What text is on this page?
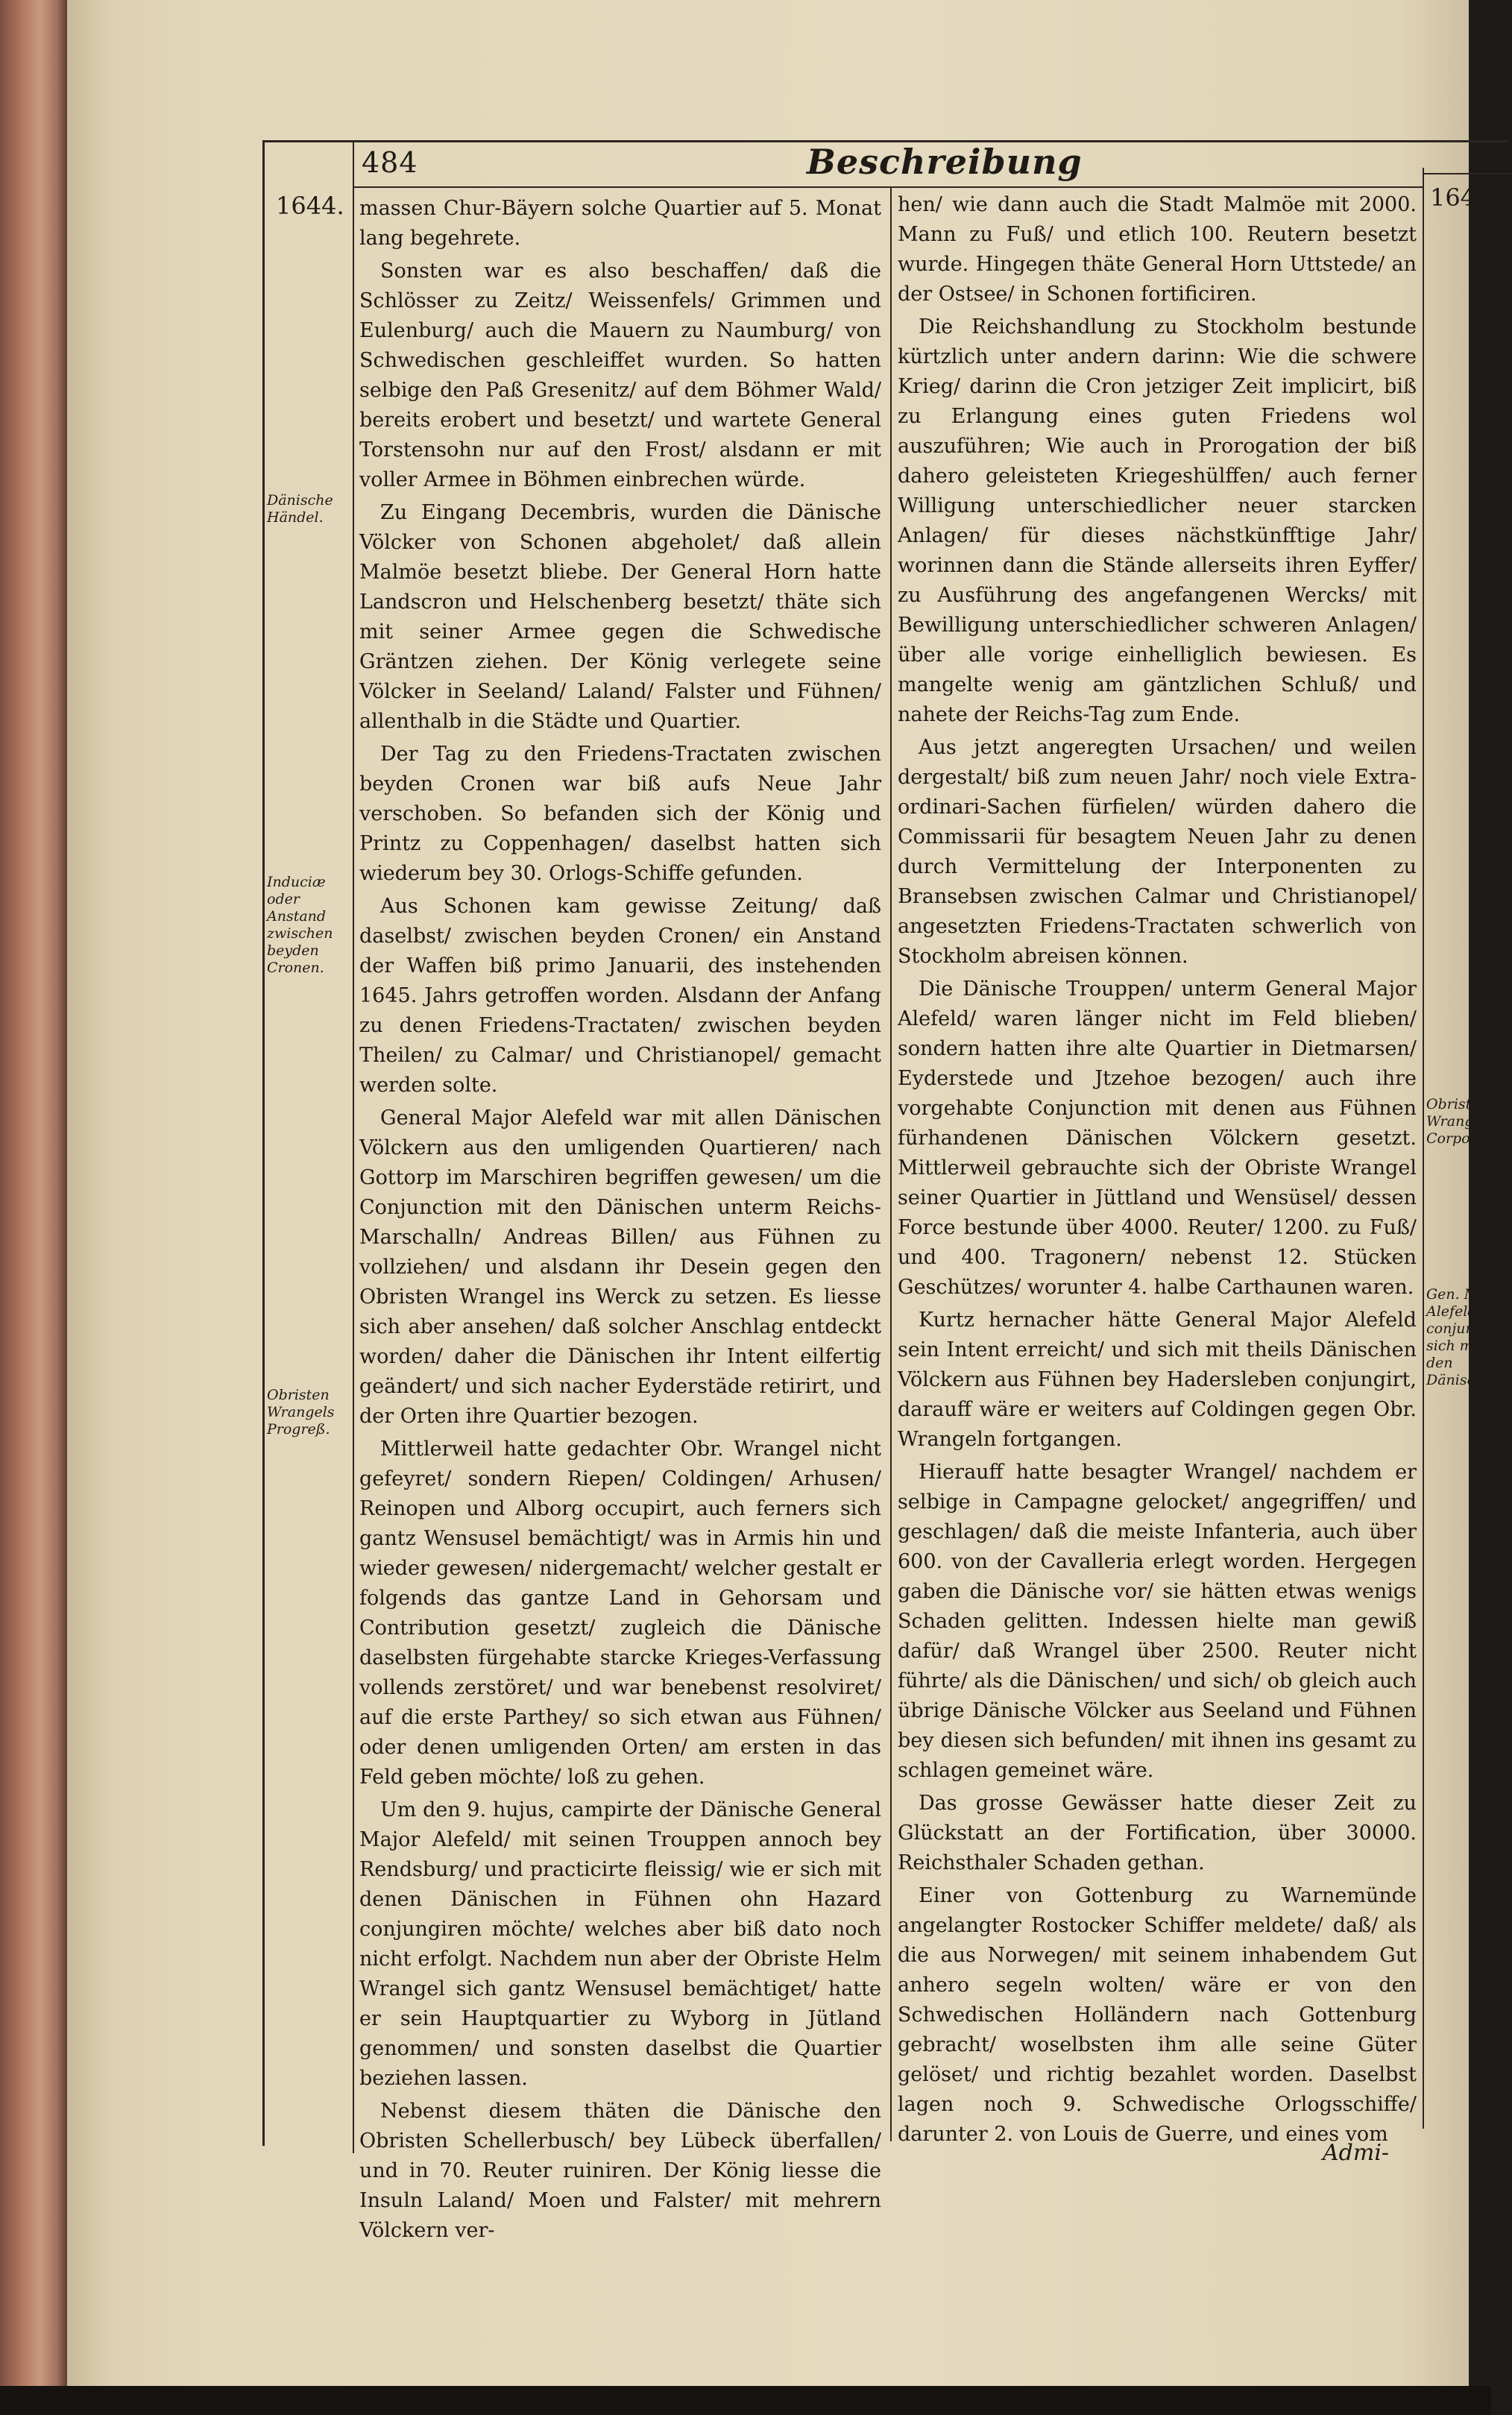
484	Beschreibung
1644.	1644.
Dänische Händel.
Induciæ oder Anstand zwischen beyden Cronen.
Obristen Wrangels Progreß.
Obristen Wrangels Corpo.
Gen. Major Alefeld conjungiret sich mit den Dänischen.

massen Chur-Bäyern solche Quartier auf 5. Monat lang begehrete.

Sonsten war es also beschaffen/ daß die Schlösser zu Zeitz/ Weissenfels/ Grimmen und Eulenburg/ auch die Mauern zu Naumburg/ von Schwedischen geschleiffet wurden. So hatten selbige den Paß Gresenitz/ auf dem Böhmer Wald/ bereits erobert und besetzt/ und wartete General Torstensohn nur auf den Frost/ alsdann er mit voller Armee in Böhmen einbrechen würde.

Zu Eingang Decembris, wurden die Dänische Völcker von Schonen abgeholet/ daß allein Malmöe besetzt bliebe. Der General Horn hatte Landscron und Helschenberg besetzt/ thäte sich mit seiner Armee gegen die Schwedische Gräntzen ziehen. Der König verlegete seine Völcker in Seeland/ Laland/ Falster und Fühnen/ allenthalb in die Städte und Quartier.

Der Tag zu den Friedens-Tractaten zwischen beyden Cronen war biß aufs Neue Jahr verschoben. So befanden sich der König und Printz zu Coppenhagen/ daselbst hatten sich wiederum bey 30. Orlogs-Schiffe gefunden.

Aus Schonen kam gewisse Zeitung/ daß daselbst/ zwischen beyden Cronen/ ein Anstand der Waffen biß primo Januarii, des instehenden 1645. Jahrs getroffen worden. Alsdann der Anfang zu denen Friedens-Tractaten/ zwischen beyden Theilen/ zu Calmar/ und Christianopel/ gemacht werden solte.

General Major Alefeld war mit allen Dänischen Völckern aus den umligenden Quartieren/ nach Gottorp im Marschiren begriffen gewesen/ um die Conjunction mit den Dänischen unterm Reichs-Marschalln/ Andreas Billen/ aus Fühnen zu vollziehen/ und alsdann ihr Desein gegen den Obristen Wrangel ins Werck zu setzen. Es liesse sich aber ansehen/ daß solcher Anschlag entdeckt worden/ daher die Dänischen ihr Intent eilfertig geändert/ und sich nacher Eyderstäde retirirt, und der Orten ihre Quartier bezogen.

Mittlerweil hatte gedachter Obr. Wrangel nicht gefeyret/ sondern Riepen/ Coldingen/ Arhusen/ Reinopen und Alborg occupirt, auch ferners sich gantz Wensusel bemächtigt/ was in Armis hin und wieder gewesen/ nidergemacht/ welcher gestalt er folgends das gantze Land in Gehorsam und Contribution gesetzt/ zugleich die Dänische daselbsten fürgehabte starcke Krieges-Verfassung vollends zerstöret/ und war benebenst resolviret/ auf die erste Parthey/ so sich etwan aus Fühnen/ oder denen umligenden Orten/ am ersten in das Feld geben möchte/ loß zu gehen.

Um den 9. hujus, campirte der Dänische General Major Alefeld/ mit seinen Trouppen annoch bey Rendsburg/ und practicirte fleissig/ wie er sich mit denen Dänischen in Fühnen ohn Hazard conjungiren möchte/ welches aber biß dato noch nicht erfolgt. Nachdem nun aber der Obriste Helm Wrangel sich gantz Wensusel bemächtiget/ hatte er sein Hauptquartier zu Wyborg in Jütland genommen/ und sonsten daselbst die Quartier beziehen lassen.

Nebenst diesem thäten die Dänische den Obristen Schellerbusch/ bey Lübeck überfallen/ und in 70. Reuter ruiniren. Der König liesse die Insuln Laland/ Moen und Falster/ mit mehrern Völckern ver-

hen/ wie dann auch die Stadt Malmöe mit 2000. Mann zu Fuß/ und etlich 100. Reutern besetzt wurde. Hingegen thäte General Horn Uttstede/ an der Ostsee/ in Schonen fortificiren.

Die Reichshandlung zu Stockholm bestunde kürtzlich unter andern darinn: Wie die schwere Krieg/ darinn die Cron jetziger Zeit implicirt, biß zu Erlangung eines guten Friedens wol auszuführen; Wie auch in Prorogation der biß dahero geleisteten Kriegeshülffen/ auch ferner Willigung unterschiedlicher neuer starcken Anlagen/ für dieses nächstkünfftige Jahr/ worinnen dann die Stände allerseits ihren Eyffer/ zu Ausführung des angefangenen Wercks/ mit Bewilligung unterschiedlicher schweren Anlagen/ über alle vorige einhelliglich bewiesen. Es mangelte wenig am gäntzlichen Schluß/ und nahete der Reichs-Tag zum Ende.

Aus jetzt angeregten Ursachen/ und weilen dergestalt/ biß zum neuen Jahr/ noch viele Extra-ordinari-Sachen fürfielen/ würden dahero die Commissarii für besagtem Neuen Jahr zu denen durch Vermittelung der Interponenten zu Bransebsen zwischen Calmar und Christianopel/ angesetzten Friedens-Tractaten schwerlich von Stockholm abreisen können.

Die Dänische Trouppen/ unterm General Major Alefeld/ waren länger nicht im Feld blieben/ sondern hatten ihre alte Quartier in Dietmarsen/ Eyderstede und Jtzehoe bezogen/ auch ihre vorgehabte Conjunction mit denen aus Fühnen fürhandenen Dänischen Völckern gesetzt. Mittlerweil gebrauchte sich der Obriste Wrangel seiner Quartier in Jüttland und Wensüsel/ dessen Force bestunde über 4000. Reuter/ 1200. zu Fuß/ und 400. Tragonern/ nebenst 12. Stücken Geschützes/ worunter 4. halbe Carthaunen waren.

Kurtz hernacher hätte General Major Alefeld sein Intent erreicht/ und sich mit theils Dänischen Völckern aus Fühnen bey Hadersleben conjungirt, darauff wäre er weiters auf Coldingen gegen Obr. Wrangeln fortgangen.

Hierauff hatte besagter Wrangel/ nachdem er selbige in Campagne gelocket/ angegriffen/ und geschlagen/ daß die meiste Infanteria, auch über 600. von der Cavalleria erlegt worden. Hergegen gaben die Dänische vor/ sie hätten etwas wenigs Schaden gelitten. Indessen hielte man gewiß dafür/ daß Wrangel über 2500. Reuter nicht führte/ als die Dänischen/ und sich/ ob gleich auch übrige Dänische Völcker aus Seeland und Fühnen bey diesen sich befunden/ mit ihnen ins gesamt zu schlagen gemeinet wäre.

Das grosse Gewässer hatte dieser Zeit zu Glückstatt an der Fortification, über 30000. Reichsthaler Schaden gethan.

Einer von Gottenburg zu Warnemünde angelangter Rostocker Schiffer meldete/ daß/ als die aus Norwegen/ mit seinem inhabendem Gut anhero segeln wolten/ wäre er von den Schwedischen Holländern nach Gottenburg gebracht/ woselbsten ihm alle seine Güter gelöset/ und richtig bezahlet worden. Daselbst lagen noch 9. Schwedische Orlogsschiffe/ darunter 2. von Louis de Guerre, und eines vom

Admi-
